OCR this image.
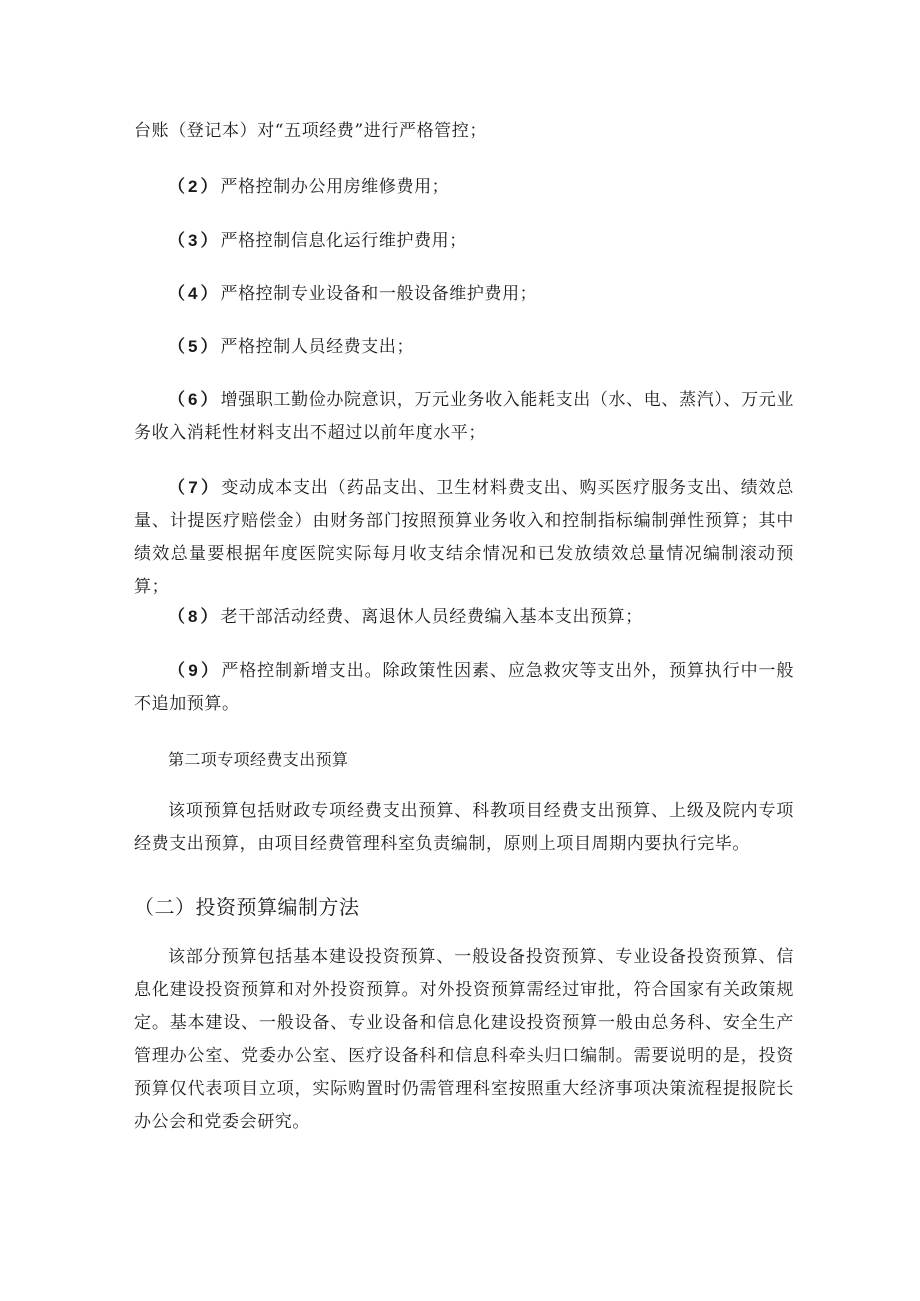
台账（登记本）对“五项经费”进行严格管控；

（2）严格控制办公用房维修费用；

（3）严格控制信息化运行维护费用；

（4）严格控制专业设备和一般设备维护费用；

（5）严格控制人员经费支出；

（6）增强职工勤俭办院意识，万元业务收入能耗支出（水、电、蒸汽）、万元业务收入消耗性材料支出不超过以前年度水平；

（7）变动成本支出（药品支出、卫生材料费支出、购买医疗服务支出、绩效总量、计提医疗赔偿金）由财务部门按照预算业务收入和控制指标编制弹性预算；其中绩效总量要根据年度医院实际每月收支结余情况和已发放绩效总量情况编制滚动预算；

（8）老干部活动经费、离退休人员经费编入基本支出预算；

（9）严格控制新增支出。除政策性因素、应急救灾等支出外，预算执行中一般不追加预算。

第二项专项经费支出预算

该项预算包括财政专项经费支出预算、科教项目经费支出预算、上级及院内专项经费支出预算，由项目经费管理科室负责编制，原则上项目周期内要执行完毕。

（二）投资预算编制方法

该部分预算包括基本建设投资预算、一般设备投资预算、专业设备投资预算、信息化建设投资预算和对外投资预算。对外投资预算需经过审批，符合国家有关政策规定。基本建设、一般设备、专业设备和信息化建设投资预算一般由总务科、安全生产管理办公室、党委办公室、医疗设备科和信息科牵头归口编制。需要说明的是，投资预算仅代表项目立项，实际购置时仍需管理科室按照重大经济事项决策流程提报院长办公会和党委会研究。
